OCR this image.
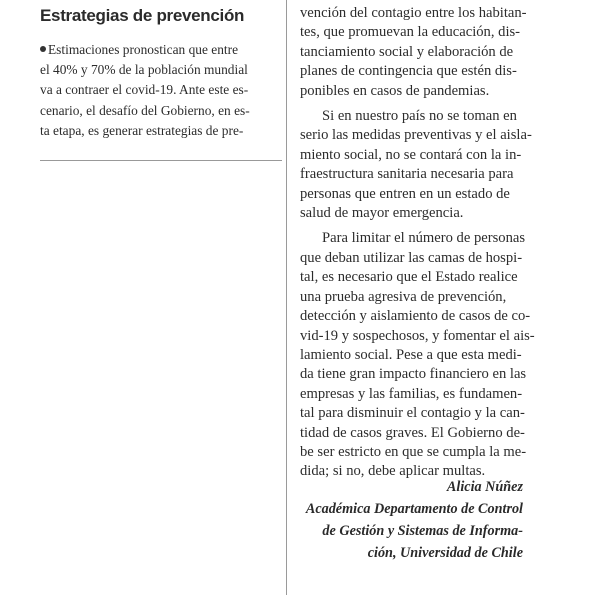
Estrategias de prevención
Estimaciones pronostican que entre
el 40% y 70% de la población mundial
va a contraer el covid-19. Ante este es-
cenario, el desafío del Gobierno, en es-
ta etapa, es generar estrategias de pre-
vención del contagio entre los habitan-
tes, que promuevan la educación, dis-
tanciamiento social y elaboración de
planes de contingencia que estén dis-
ponibles en casos de pandemias.
Si en nuestro país no se toman en
serio las medidas preventivas y el aisla-
miento social, no se contará con la in-
fraestructura sanitaria necesaria para
personas que entren en un estado de
salud de mayor emergencia.
Para limitar el número de personas
que deban utilizar las camas de hospi-
tal, es necesario que el Estado realice
una prueba agresiva de prevención,
detección y aislamiento de casos de co-
vid-19 y sospechosos, y fomentar el ais-
lamiento social. Pese a que esta medi-
da tiene gran impacto financiero en las
empresas y las familias, es fundamen-
tal para disminuir el contagio y la can-
tidad de casos graves. El Gobierno de-
be ser estricto en que se cumpla la me-
dida; si no, debe aplicar multas.
Alicia Núñez
Académica Departamento de Control
de Gestión y Sistemas de Informa-
ción, Universidad de Chile
